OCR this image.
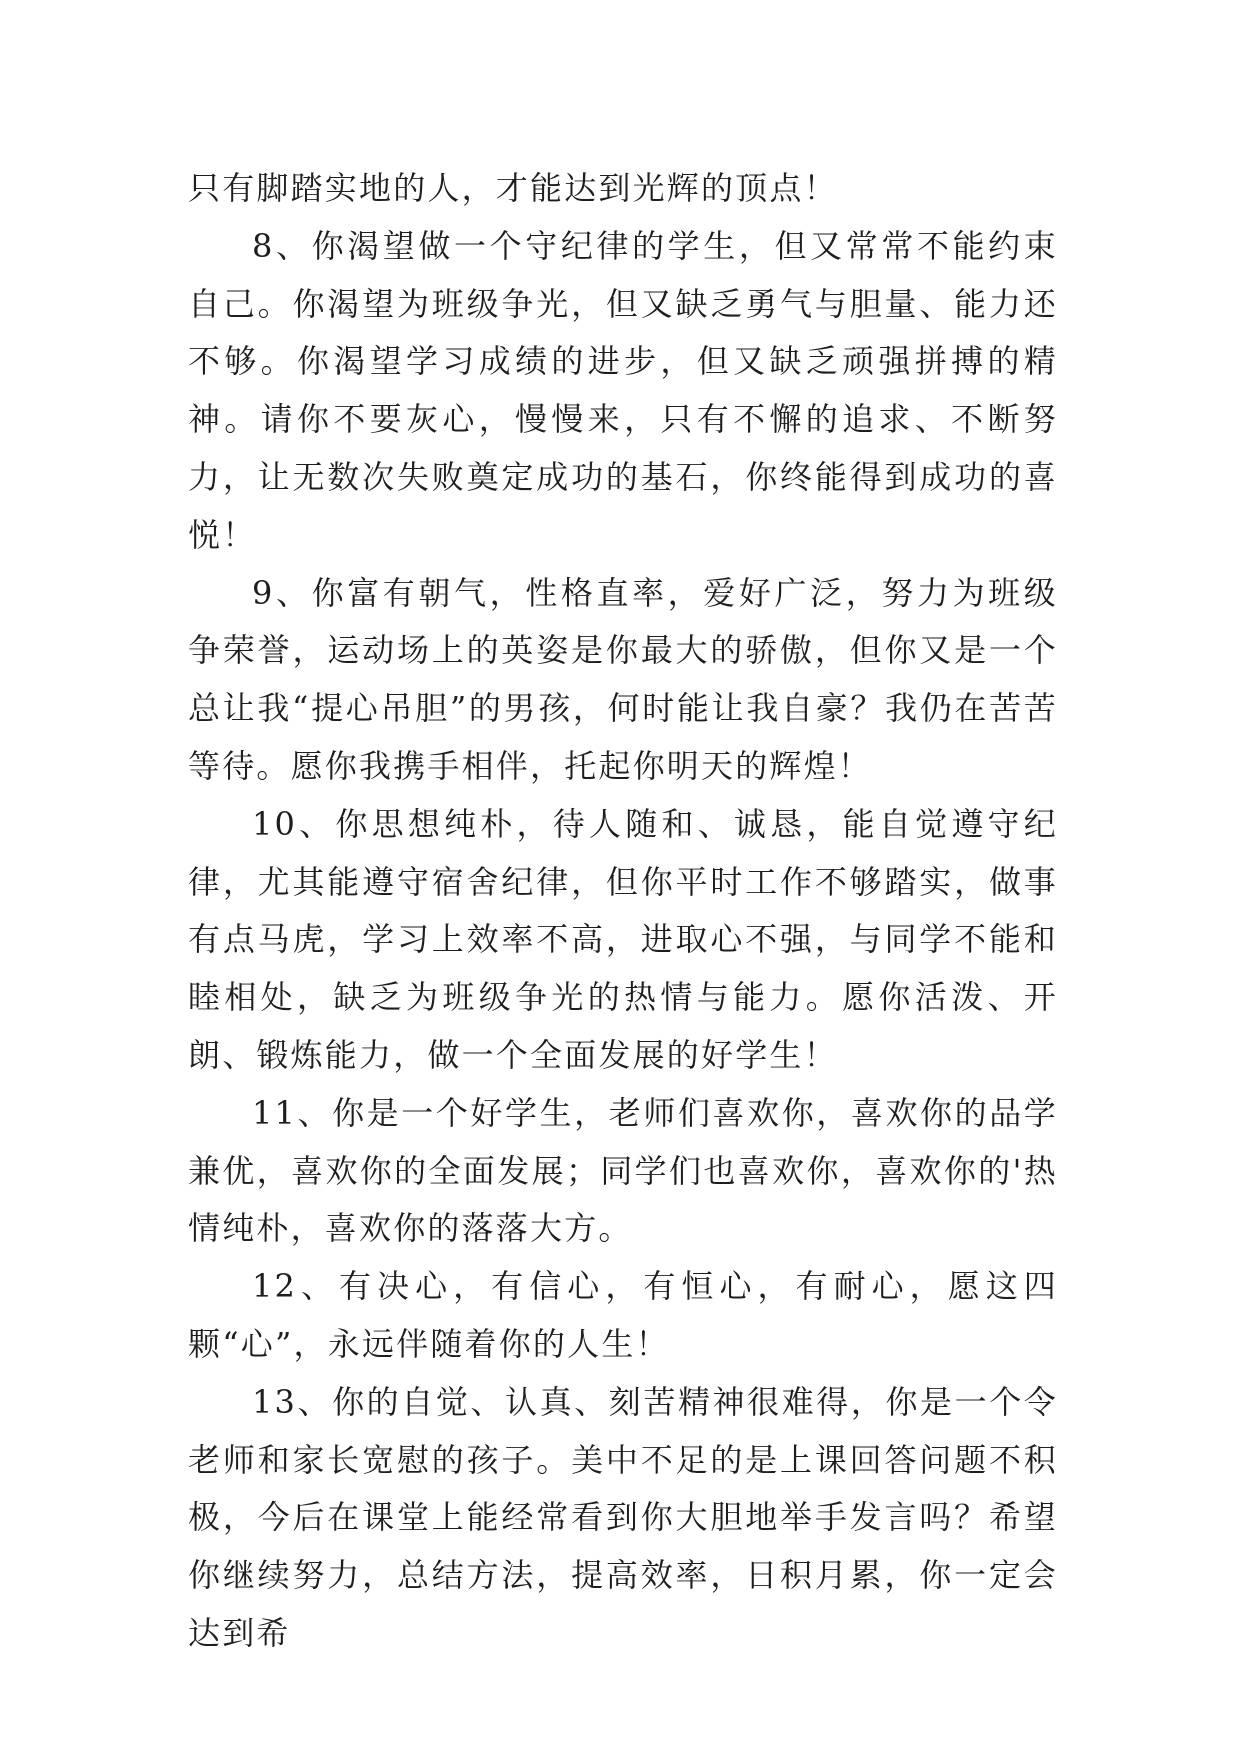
只有脚踏实地的人，才能达到光辉的顶点！

8、你渴望做一个守纪律的学生，但又常常不能约束自己。你渴望为班级争光，但又缺乏勇气与胆量、能力还不够。你渴望学习成绩的进步，但又缺乏顽强拼搏的精神。请你不要灰心，慢慢来，只有不懈的追求、不断努力，让无数次失败奠定成功的基石，你终能得到成功的喜悦！

9、你富有朝气，性格直率，爱好广泛，努力为班级争荣誉，运动场上的英姿是你最大的骄傲，但你又是一个总让我“提心吊胆”的男孩，何时能让我自豪？我仍在苦苦等待。愿你我携手相伴，托起你明天的辉煌！

10、你思想纯朴，待人随和、诚恳，能自觉遵守纪律，尤其能遵守宿舍纪律，但你平时工作不够踏实，做事有点马虎，学习上效率不高，进取心不强，与同学不能和睦相处，缺乏为班级争光的热情与能力。愿你活泼、开朗、锻炼能力，做一个全面发展的好学生！

11、你是一个好学生，老师们喜欢你，喜欢你的品学兼优，喜欢你的全面发展；同学们也喜欢你，喜欢你的'热情纯朴，喜欢你的落落大方。

12、有决心，有信心，有恒心，有耐心，愿这四颗“心”，永远伴随着你的人生！

13、你的自觉、认真、刻苦精神很难得，你是一个令老师和家长宽慰的孩子。美中不足的是上课回答问题不积极，今后在课堂上能经常看到你大胆地举手发言吗？希望你继续努力，总结方法，提高效率，日积月累，你一定会达到希
